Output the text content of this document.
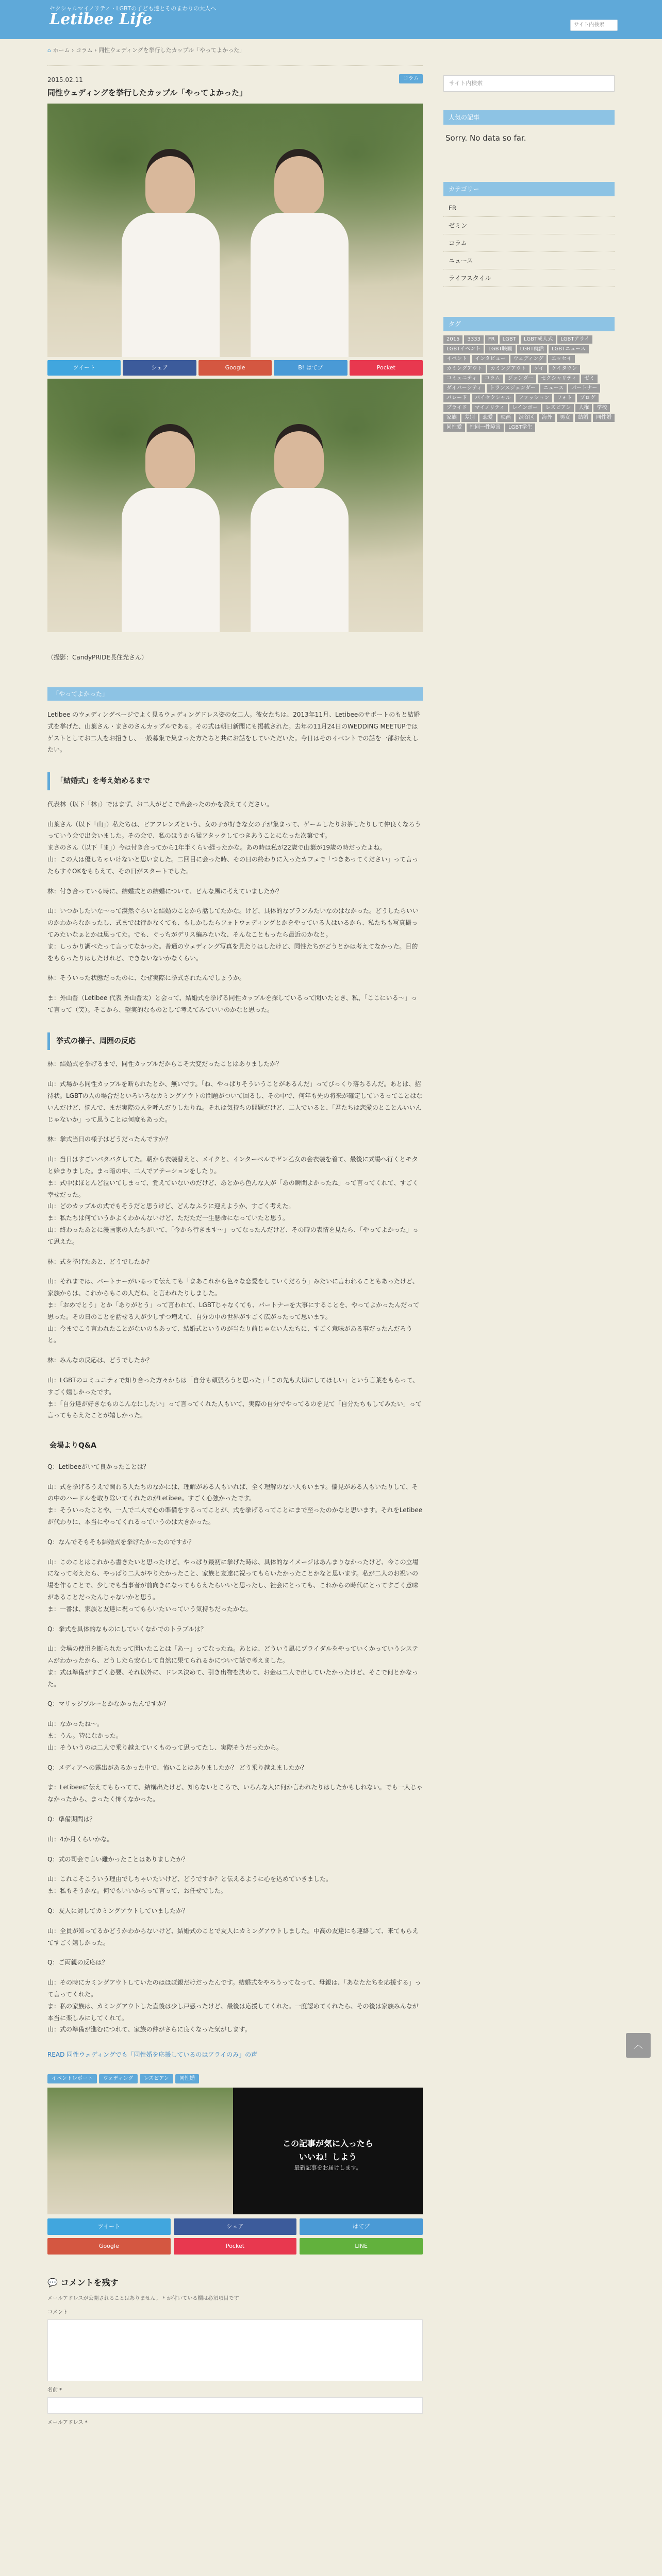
セクシャルマイノリティ・LGBTの子ども達とそのまわりの大人へ
Letibee Life	サイト内検索
⌂ ホーム › コラム › 同性ウェディングを挙行したカップル「やってよかった」
2015.02.11	コラム
同性ウェディングを挙行したカップル「やってよかった」
ツイート	シェア	Google	B! はてブ	Pocket
（撮影：CandyPRIDE長住光さん）
「やってよかった」
Letibee のウェディングページでよく見るウェディングドレス姿の女二人。彼女たちは、2013年11月、Letibeeのサポートのもと結婚式を挙げた、山葉さん・まさのさんカップルである。その式は朝日新聞にも掲載された。去年の11月24日のWEDDING MEETUPではゲストとしてお二人をお招きし、一般募集で集まった方たちと共にお話をしていただいた。今日はそのイベントでの話を一部お伝えしたい。
「結婚式」を考え始めるまで
代表林（以下「林」）ではまず、お二人がどこで出会ったのかを教えてください。
山葉さん（以下「山」）私たちは、ビアフレンズという、女の子が好きな女の子が集まって、ゲームしたりお茶したりして仲良くなろうっていう会で出会いました。その会で、私のほうから猛アタックしてつきあうことになった次第です。
まさのさん（以下「ま」）今は付き合ってから1年半くらい経ったかな。あの時は私が22歳で山葉が19歳の時だったよね。
山：この人は優しちゃいけないと思いました。二回目に会った時、その日の終わりに入ったカフェで「つきあってください」って言ったらすぐOKをもらえて、その日がスタートでした。
林：付き合っている時に、結婚式との結婚について、どんな風に考えていましたか？
山：いつかしたいな～って漠然ぐらいと結婚のことから話してたかな。けど、具体的なプランみたいなのはなかった。どうしたらいいのかわからなかったし、式までは行かなくても、もしかしたらフォトウェディングとかをやっている人はいるから、私たちも写真撮ってみたいなぁとかは思ってた。でも、ぐっちがデリス編みたいな、そんなこともったら最近のかなと。
ま：しっかり調べたって言ってなかった。普通のウェディング写真を見たりはしたけど、同性たちがどうとかは考えてなかった。目的をもらったりはしたけれど、できないないかなくらい。
林：そういった状態だったのに、なぜ実際に挙式されたんでしょうか。
ま：外山晋（Letibee 代表 外山晋太）と会って、結婚式を挙げる同性カップルを探しているって聞いたとき、私、「ここにいる～」って言って（笑）。そこから、望実的なものとして考えてみていいのかなと思った。
挙式の様子、周囲の反応
林：結婚式を挙げるまで、同性カップルだからこそ大変だったことはありましたか？
山：式場から同性カップルを断られたとか、無いです。「ね、やっぱりそういうことがあるんだ」ってびっくり落ちるんだ。あとは、招待状。LGBTの人の場合だといろいろなカミングアウトの問題がついて回るし、その中で、何年も先の将来が確定しているってことはないんだけど、悩んで、まだ実際の人を呼んだりしたりね。それは気持ちの問題だけど、二人でいると、「君たちは恋愛のとことんいいんじゃないか」って思うことは何度もあった。
林：挙式当日の様子はどうだったんですか？
山：当日はすごいバタバタしてた。朝から衣装替えと、メイクと、インターベルでゼン乙女の会衣装を着て、最後に式場へ行くとモタと始まりました。まっ暗の中、二人でアテーションをしたり。
ま：式中はほとんど泣いてしまって、覚えていないのだけど、あとから色んな人が「あの瞬間よかったね」って言ってくれて、すごく幸せだった。
山：どのカップルの式でもそうだと思うけど、どんなふうに迎えようか、すごく考えた。
ま：私たちは何ていうかよくわかんないけど、ただただ一生懸命になっていたと思う。
山：終わったあとに漫画家の人たちがいて、「今から行きます～」ってなったんだけど、その時の表情を見たら、「やってよかった」って思えた。
林：式を挙げたあと、どうでしたか？
山：それまでは、パートナーがいるって伝えても「まあこれから色々な恋愛をしていくだろう」みたいに言われることもあったけど、家族からは、これからもこの人だね、と言われたりしました。
ま：「おめでとう」とか「ありがとう」って言われて、LGBTじゃなくても、パートナーを大事にすることを、やってよかったんだって思った。その日のことを話せる人が少しずつ増えて、自分の中の世界がすごく広がったって思います。
山：今までこう言われたことがないのもあって、結婚式というのが当たり前じゃない人たちに、すごく意味がある事だったんだろうと。
林：みんなの反応は、どうでしたか？
山：LGBTのコミュニティで知り合った方々からは「自分も頑張ろうと思った」「この先も大切にしてほしい」という言葉をもらって、すごく嬉しかったです。
ま：「自分達が好きなものこんなにしたい」って言ってくれた人もいて、実際の自分でやってるのを見て「自分たちもしてみたい」って言ってもらえたことが嬉しかった。
会場よりQ&A
Q：Letibeeがいて良かったことは？
山：式を挙げるうえで関わる人たちのなかには、理解がある人もいれば、全く理解のない人もいます。偏見がある人もいたりして、その中のハードルを取り除いてくれたのがLetibee。すごく心強かったです。
ま：そういったことや、一人で二人で心の準備をするってことが、式を挙げるってことにまで至ったのかなと思います。それをLetibeeが代わりに、本当にやってくれるっていうのは大きかった。
Q：なんでそもそも結婚式を挙げたかったのですか？
山：このことはこれから書きたいと思ったけど、やっぱり最初に挙げた時は、具体的なイメージはあんまりなかったけど、今この立場になって考えたら、やっぱり二人がやりたかったこと、家族と友達に祝ってもらいたかったことかなと思います。私が二人のお祝いの場を作ることで、少しでも当事者が前向きになってもらえたらいいと思ったし、社会にとっても、これからの時代にとってすごく意味があることだったんじゃないかと思う。
ま：一番は、家族と友達に祝ってもらいたいっていう気持ちだったかな。
Q：挙式を具体的なものにしていくなかでのトラブルは？
山：会場の使用を断られたって聞いたことは「あー」ってなったね。あとは、どういう風にブライダルをやっていくかっていうシステムがわかったから、どうしたら安心して自然に果てられるかについて話で考えました。
ま：式は準備がすごく必要、それ以外に、ドレス決めて、引き出物を決めて、お金は二人で出していたかったけど、そこで何とかなった。
Q：マリッジブルーとかなかったんですか？
山：なかったね～。
ま：うん。特になかった。
山：そういうのは二人で乗り越えていくものって思ってたし、実際そうだったから。
Q：メディアへの露出があるかった中で、怖いことはありましたか？ どう乗り越えましたか？
ま：Letibeeに伝えてもらってて、結構出たけど、知らないところで、いろんな人に何か言われたりはしたかもしれない。でも一人じゃなかったから、まったく怖くなかった。
Q：準備期間は？
山：4か月くらいかな。
Q：式の司会で言い難かったことはありましたか？
山：これこそこういう理由でしちゃいたいけど、どうですか？と伝えるように心を込めていきました。
ま：私もそうかな。何でもいいからって言って、お任せでした。
Q：友人に対してカミングアウトしていましたか？
山：全員が知ってるかどうかわからないけど、結婚式のことで友人にカミングアウトしました。中高の友達にも連絡して、来てもらえてすごく嬉しかった。
Q：ご両親の反応は？
山：その時にカミングアウトしていたのはほぼ親だけだったんです。結婚式をやろうってなって、母親は、「あなたたちを応援する」って言ってくれた。
ま：私の家族は、カミングアウトした直後は少し戸惑ったけど、最後は応援してくれた。一度認めてくれたら、その後は家族みんなが本当に楽しみにしてくれて。
山：式の準備が進むにつれて、家族の仲がさらに良くなった気がします。
READ 同性ウェディングでも「同性婚を応援しているのはアライのみ」の声
イベントレポート	ウェディング	レズビアン	同性婚
この記事が気に入ったら
いいね！しよう
最新記事をお届けします。
ツイート	シェア	はてブ
Google	Pocket	LINE
💬 コメントを残す
メールアドレスが公開されることはありません。 * が付いている欄は必須項目です
コメント
名前 *
メールアドレス *
サイト内検索
人気の記事
Sorry. No data so far.
カテゴリー
FR
ゼミン
コラム
ニュース
ライフスタイル
タグ
2015	3333	FR	LGBT	LGBT成人式	LGBTアライ
LGBTイベント	LGBT映画	LGBT就活	LGBTニュース
イベント	インタビュー	ウェディング	エッセイ
カミングアウト	カミングアウト	ゲイ	ゲイタウン
コミュニティ	コラム	ジェンダー	セクシャリティ	ゼミ
ダイバーシティ	トランスジェンダー	ニュース	パートナー
パレード	バイセクシャル	ファッション	フォト	ブログ
プライド	マイノリティ	レインボー	レズビアン	人権	学校
家族	差別	恋愛	映画	渋谷区	海外	男女	結婚	同性婚
同性愛	性同一性障害	LGBT学生
︿
